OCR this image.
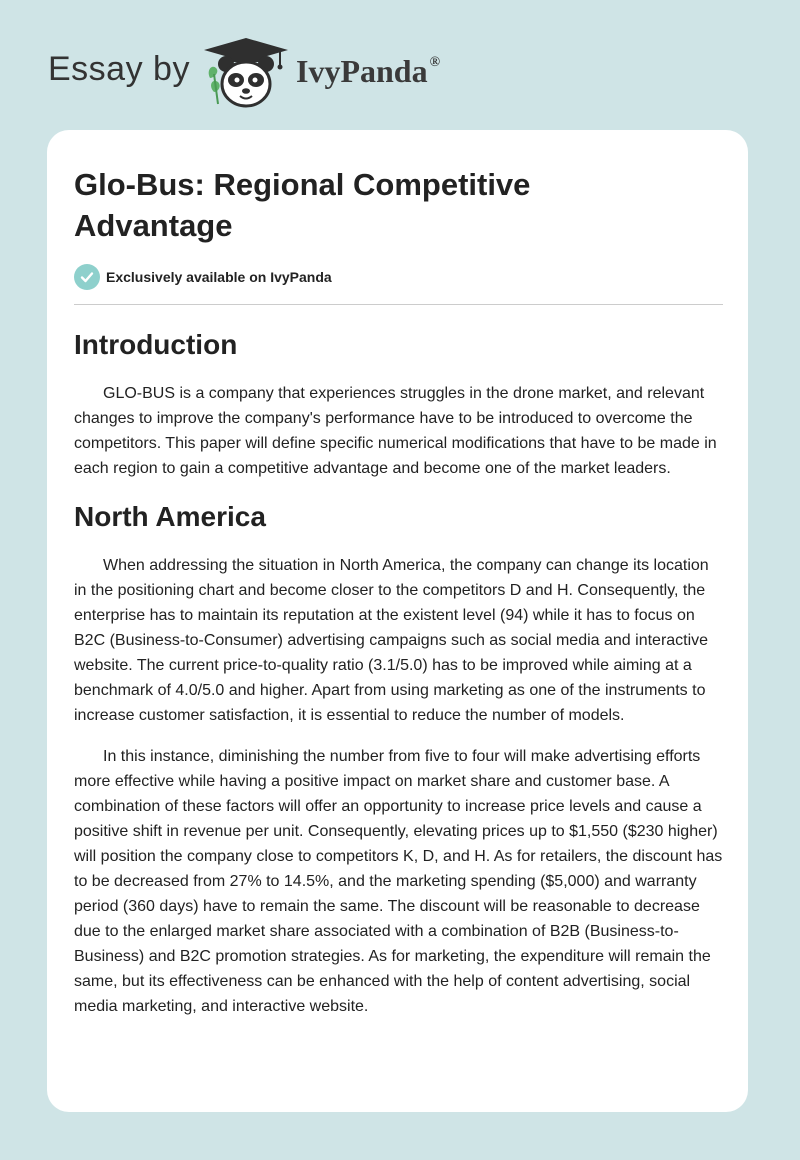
Essay by	IvyPanda ®
Glo-Bus: Regional Competitive Advantage
Exclusively available on IvyPanda
Introduction

GLO-BUS is a company that experiences struggles in the drone market, and relevant changes to improve the company's performance have to be introduced to overcome the competitors. This paper will define specific numerical modifications that have to be made in each region to gain a competitive advantage and become one of the market leaders.

North America

When addressing the situation in North America, the company can change its location in the positioning chart and become closer to the competitors D and H. Consequently, the enterprise has to maintain its reputation at the existent level (94) while it has to focus on B2C (Business-to-Consumer) advertising campaigns such as social media and interactive website. The current price-to-quality ratio (3.1/5.0) has to be improved while aiming at a benchmark of 4.0/5.0 and higher. Apart from using marketing as one of the instruments to increase customer satisfaction, it is essential to reduce the number of models.

In this instance, diminishing the number from five to four will make advertising efforts more effective while having a positive impact on market share and customer base. A combination of these factors will offer an opportunity to increase price levels and cause a positive shift in revenue per unit. Consequently, elevating prices up to $1,550 ($230 higher) will position the company close to competitors K, D, and H. As for retailers, the discount has to be decreased from 27% to 14.5%, and the marketing spending ($5,000) and warranty period (360 days) have to remain the same. The discount will be reasonable to decrease due to the enlarged market share associated with a combination of B2B (Business-to-Business) and B2C promotion strategies. As for marketing, the expenditure will remain the same, but its effectiveness can be enhanced with the help of content advertising, social media marketing, and interactive website.
